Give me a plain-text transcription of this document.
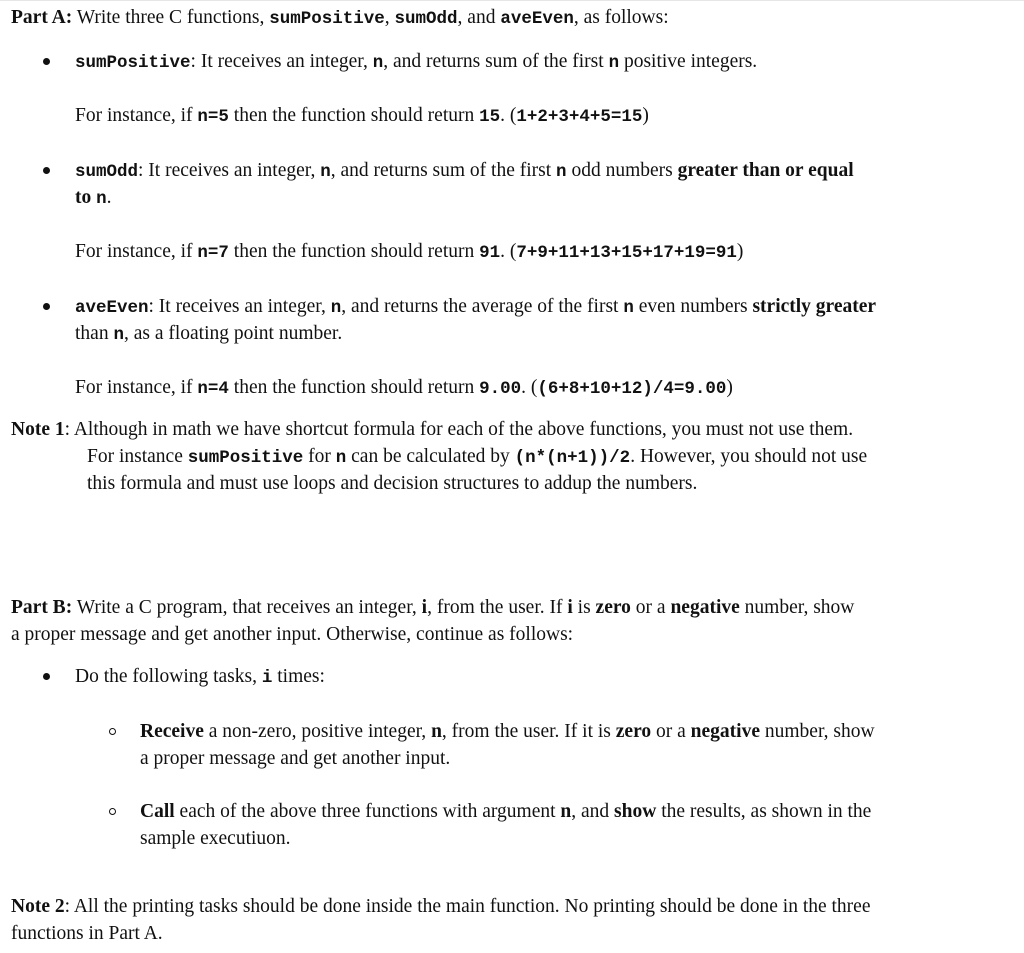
Part A: Write three C functions, sumPositive, sumOdd, and aveEven, as follows:
sumPositive: It receives an integer, n, and returns sum of the first n positive integers.
For instance, if n=5 then the function should return 15. (1+2+3+4+5=15)
sumOdd: It receives an integer, n, and returns sum of the first n odd numbers greater than or equal
to n.
For instance, if n=7 then the function should return 91. (7+9+11+13+15+17+19=91)
aveEven: It receives an integer, n, and returns the average of the first n even numbers strictly greater
than n, as a floating point number.
For instance, if n=4 then the function should return 9.00. ((6+8+10+12)/4=9.00)
Note 1: Although in math we have shortcut formula for each of the above functions, you must not use them.
For instance sumPositive for n can be calculated by (n*(n+1))/2. However, you should not use
this formula and must use loops and decision structures to addup the numbers.
Part B: Write a C program, that receives an integer, i, from the user. If i is zero or a negative number, show
a proper message and get another input. Otherwise, continue as follows:
Do the following tasks, i times:
Receive a non-zero, positive integer, n, from the user. If it is zero or a negative number, show
a proper message and get another input.
Call each of the above three functions with argument n, and show the results, as shown in the
sample executiuon.
Note 2: All the printing tasks should be done inside the main function. No printing should be done in the three
functions in Part A.
